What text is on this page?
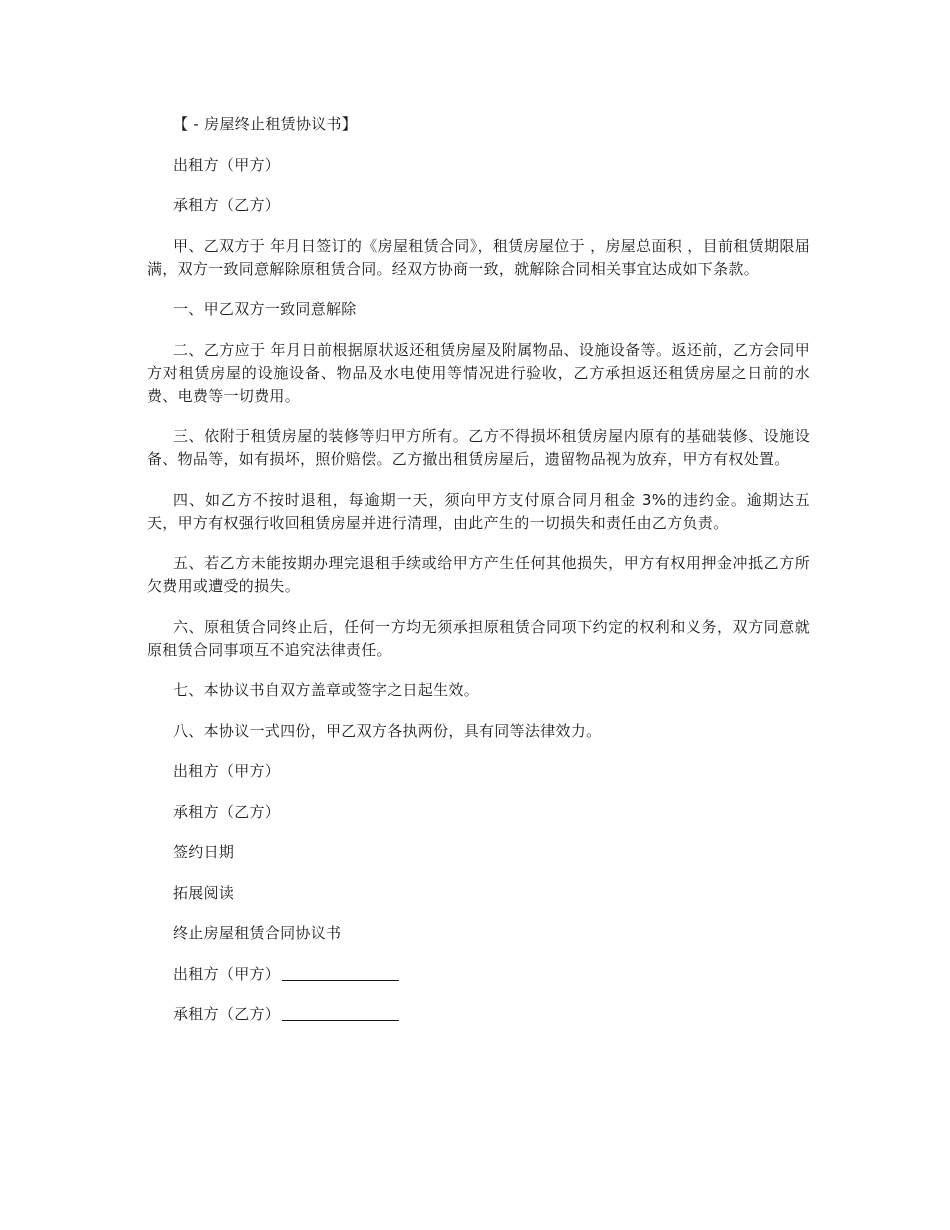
【 - 房屋终止租赁协议书】

出租方（甲方）

承租方（乙方）

甲、乙双方于 年月日签订的《房屋租赁合同》，租赁房屋位于 ，房屋总面积 ，目前租赁期限届满，双方一致同意解除原租赁合同。经双方协商一致，就解除合同相关事宜达成如下条款。

一、甲乙双方一致同意解除

二、乙方应于 年月日前根据原状返还租赁房屋及附属物品、设施设备等。返还前，乙方会同甲方对租赁房屋的设施设备、物品及水电使用等情况进行验收，乙方承担返还租赁房屋之日前的水费、电费等一切费用。

三、依附于租赁房屋的装修等归甲方所有。乙方不得损坏租赁房屋内原有的基础装修、设施设备、物品等，如有损坏，照价赔偿。乙方撤出租赁房屋后，遗留物品视为放弃，甲方有权处置。

四、如乙方不按时退租，每逾期一天，须向甲方支付原合同月租金 3%的违约金。逾期达五天，甲方有权强行收回租赁房屋并进行清理，由此产生的一切损失和责任由乙方负责。

五、若乙方未能按期办理完退租手续或给甲方产生任何其他损失，甲方有权用押金冲抵乙方所欠费用或遭受的损失。

六、原租赁合同终止后，任何一方均无须承担原租赁合同项下约定的权利和义务，双方同意就原租赁合同事项互不追究法律责任。

七、本协议书自双方盖章或签字之日起生效。

八、本协议一式四份，甲乙双方各执两份，具有同等法律效力。

出租方（甲方）

承租方（乙方）

签约日期

拓展阅读

终止房屋租赁合同协议书

出租方（甲方）

承租方（乙方）
